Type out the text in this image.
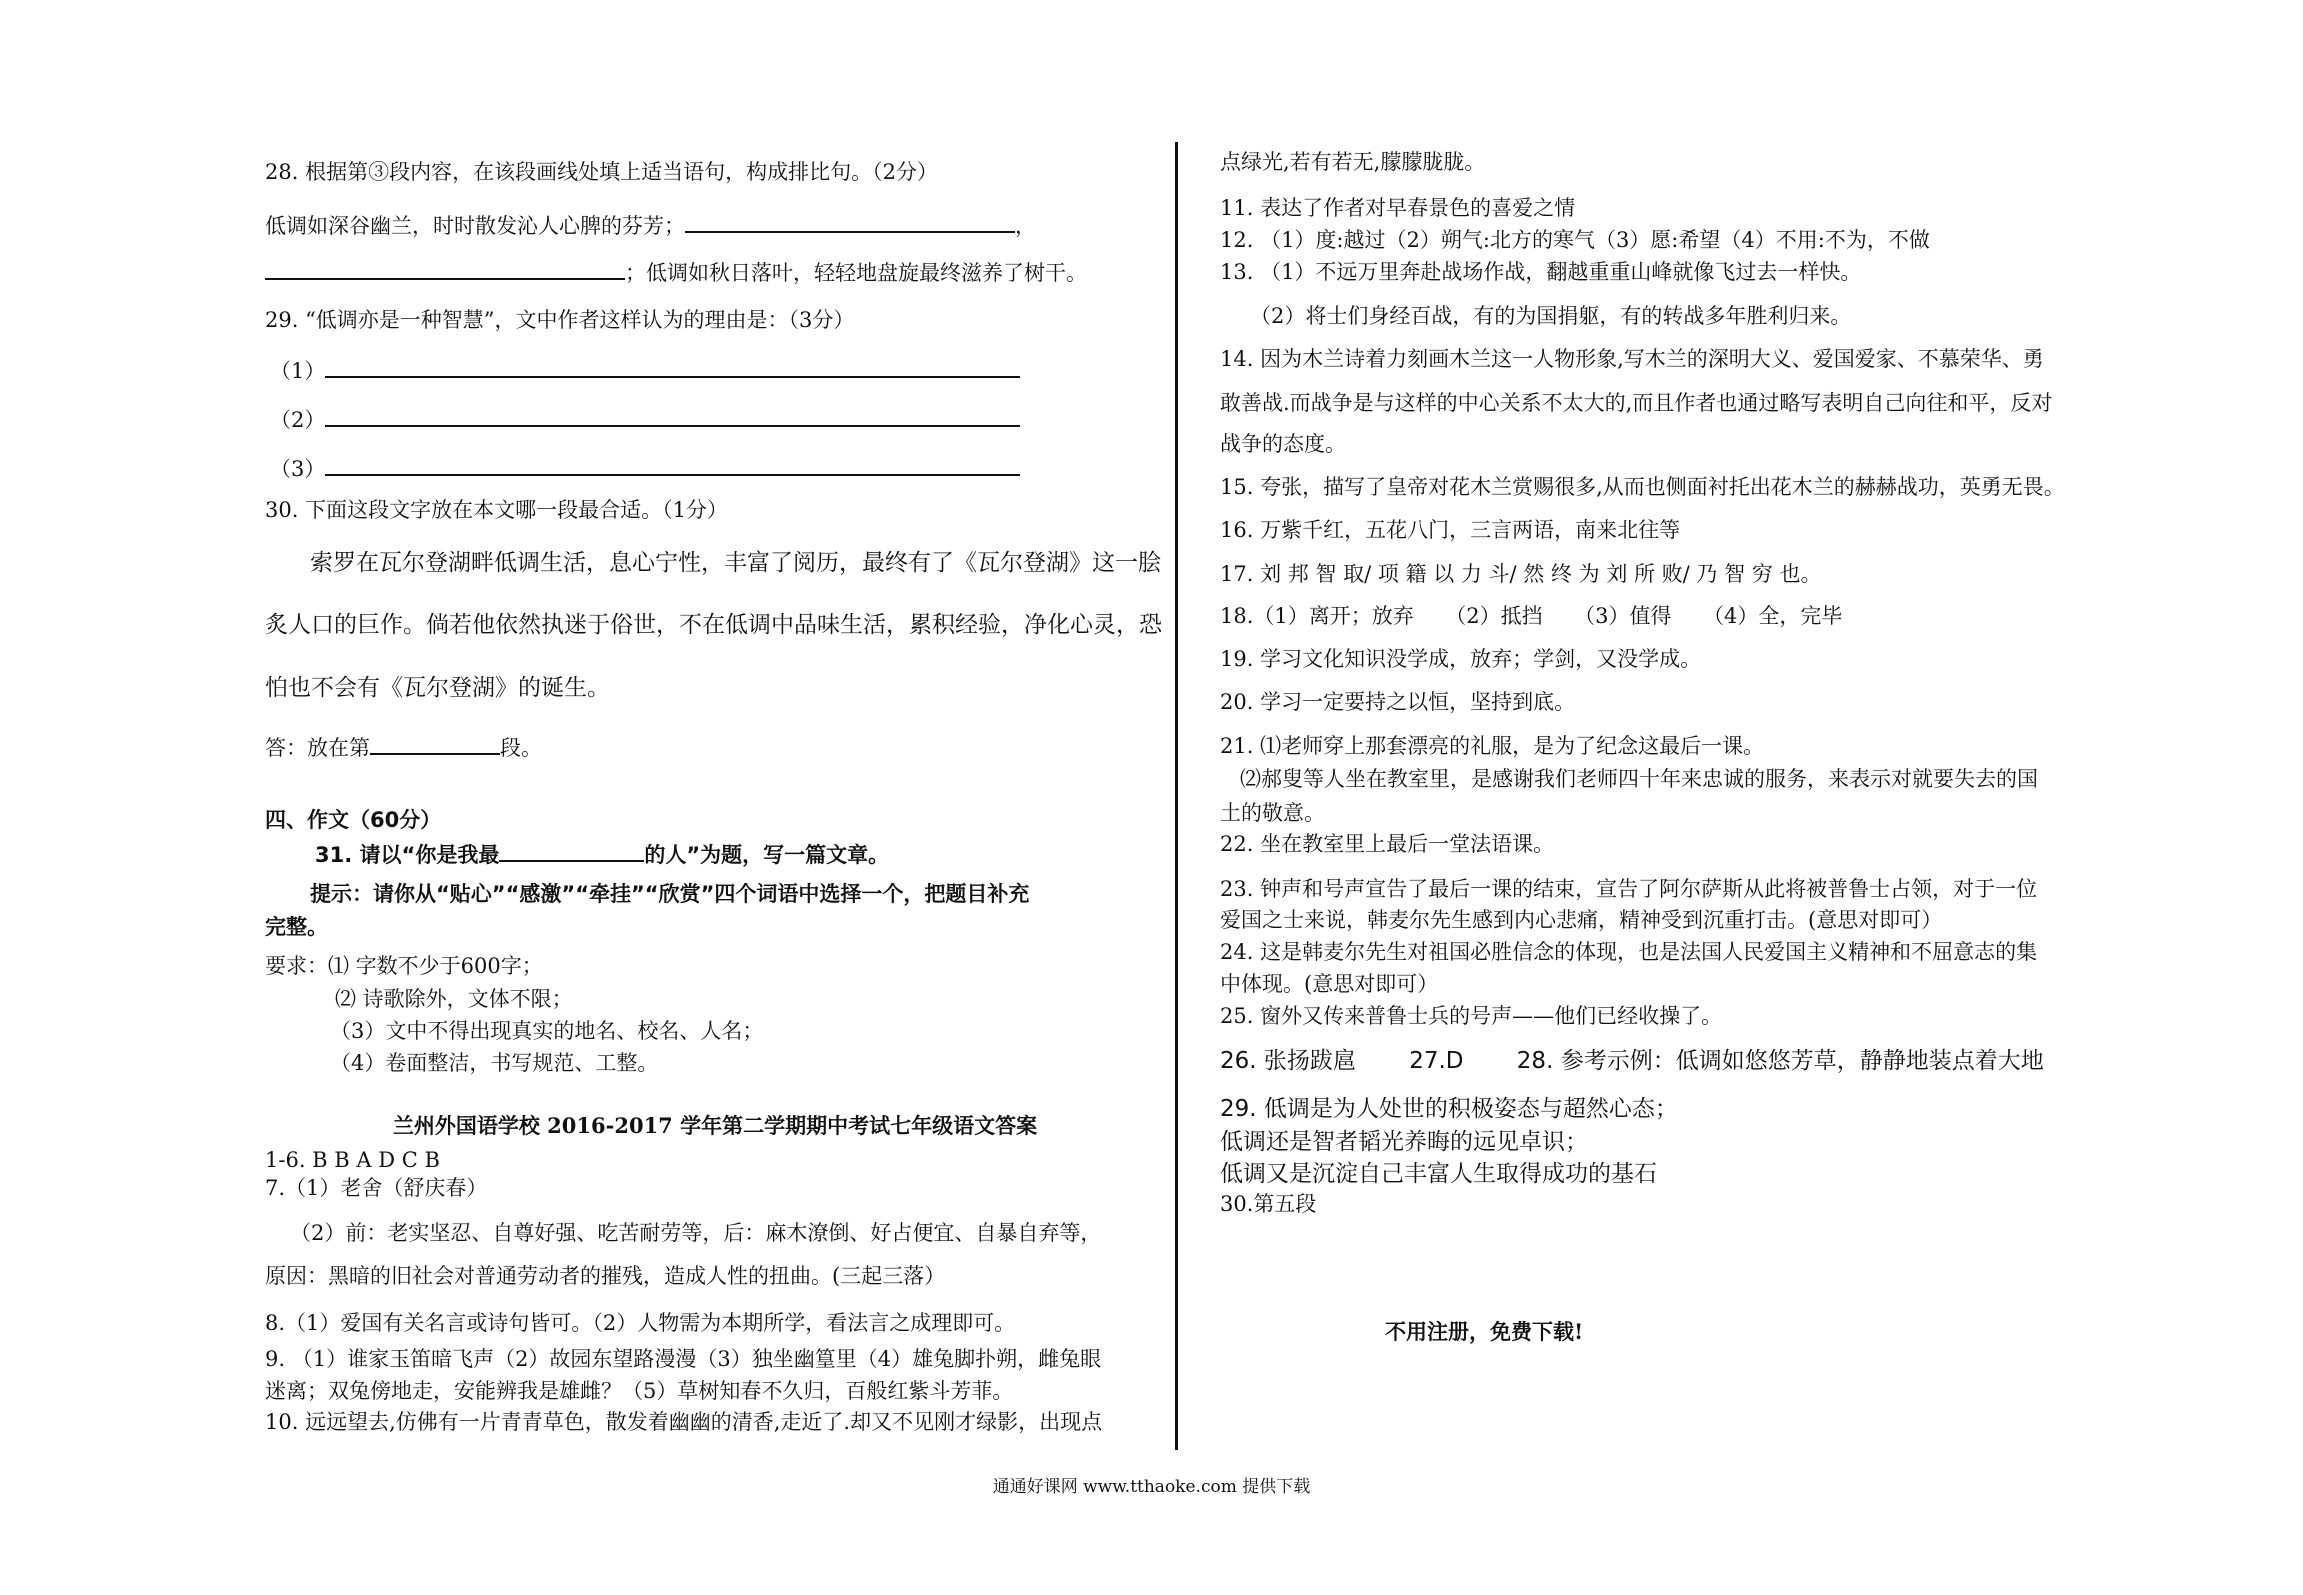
28. 根据第③段内容，在该段画线处填上适当语句，构成排比句。（2分）
低调如深谷幽兰，时时散发沁人心脾的芬芳；	，
；低调如秋日落叶，轻轻地盘旋最终滋养了树干。
29. “低调亦是一种智慧”，文中作者这样认为的理由是：（3分）
（1）
（2）
（3）
30. 下面这段文字放在本文哪一段最合适。（1分）
索罗在瓦尔登湖畔低调生活，息心宁性，丰富了阅历，最终有了《瓦尔登湖》这一脍
炙人口的巨作。倘若他依然执迷于俗世，不在低调中品味生活，累积经验，净化心灵，恐
怕也不会有《瓦尔登湖》的诞生。
答：放在第	段。
四、作文（60分）
31. 请以“你是我最	的人”为题，写一篇文章。
提示：请你从“贴心”“感激”“牵挂”“欣赏”四个词语中选择一个，把题目补充
完整。
要求：⑴ 字数不少于600字；
⑵ 诗歌除外，文体不限；
（3）文中不得出现真实的地名、校名、人名；
（4）卷面整洁，书写规范、工整。
兰州外国语学校 2016-2017 学年第二学期期中考试七年级语文答案
1-6. B B A D C B
7.（1）老舍（舒庆春）
（2）前：老实坚忍、自尊好强、吃苦耐劳等，后：麻木潦倒、好占便宜、自暴自弃等，
原因：黑暗的旧社会对普通劳动者的摧残，造成人性的扭曲。(三起三落）
8.（1）爱国有关名言或诗句皆可。（2）人物需为本期所学，看法言之成理即可。
9. （1）谁家玉笛暗飞声（2）故园东望路漫漫（3）独坐幽篁里（4）雄兔脚扑朔，雌兔眼
迷离；双兔傍地走，安能辨我是雄雌？（5）草树知春不久归，百般红紫斗芳菲。
10. 远远望去,仿佛有一片青青草色，散发着幽幽的清香,走近了.却又不见刚才绿影，出现点
点绿光,若有若无,朦朦胧胧。
11. 表达了作者对早春景色的喜爱之情
12. （1）度:越过（2）朔气:北方的寒气（3）愿:希望（4）不用:不为，不做
13. （1）不远万里奔赴战场作战，翻越重重山峰就像飞过去一样快。
（2）将士们身经百战，有的为国捐躯，有的转战多年胜利归来。
14. 因为木兰诗着力刻画木兰这一人物形象,写木兰的深明大义、爱国爱家、不慕荣华、勇
敢善战.而战争是与这样的中心关系不太大的,而且作者也通过略写表明自己向往和平，反对
战争的态度。
15. 夸张，描写了皇帝对花木兰赏赐很多,从而也侧面衬托出花木兰的赫赫战功，英勇无畏。
16. 万紫千红，五花八门，三言两语，南来北往等
17. 刘 邦 智 取/ 项 籍 以 力 斗/ 然 终 为 刘 所 败/ 乃 智 穷 也。
18.（1）离开；放弃　　（2）抵挡　　（3）值得　　（4）全，完毕
19. 学习文化知识没学成，放弃；学剑，又没学成。
20. 学习一定要持之以恒，坚持到底。
21. ⑴老师穿上那套漂亮的礼服，是为了纪念这最后一课。
⑵郝叟等人坐在教室里，是感谢我们老师四十年来忠诚的服务，来表示对就要失去的国
土的敬意。
22. 坐在教室里上最后一堂法语课。
23. 钟声和号声宣告了最后一课的结束，宣告了阿尔萨斯从此将被普鲁士占领，对于一位
爱国之士来说，韩麦尔先生感到内心悲痛，精神受到沉重打击。(意思对即可）
24. 这是韩麦尔先生对祖国必胜信念的体现，也是法国人民爱国主义精神和不屈意志的集
中体现。(意思对即可）
25. 窗外又传来普鲁士兵的号声——他们已经收操了。
26. 张扬跋扈　　 27.D　　 28. 参考示例：低调如悠悠芳草，静静地装点着大地
29. 低调是为人处世的积极姿态与超然心态；
低调还是智者韬光养晦的远见卓识；
低调又是沉淀自己丰富人生取得成功的基石
30.第五段
不用注册，免费下载!
通通好课网 www.tthaoke.com 提供下载
